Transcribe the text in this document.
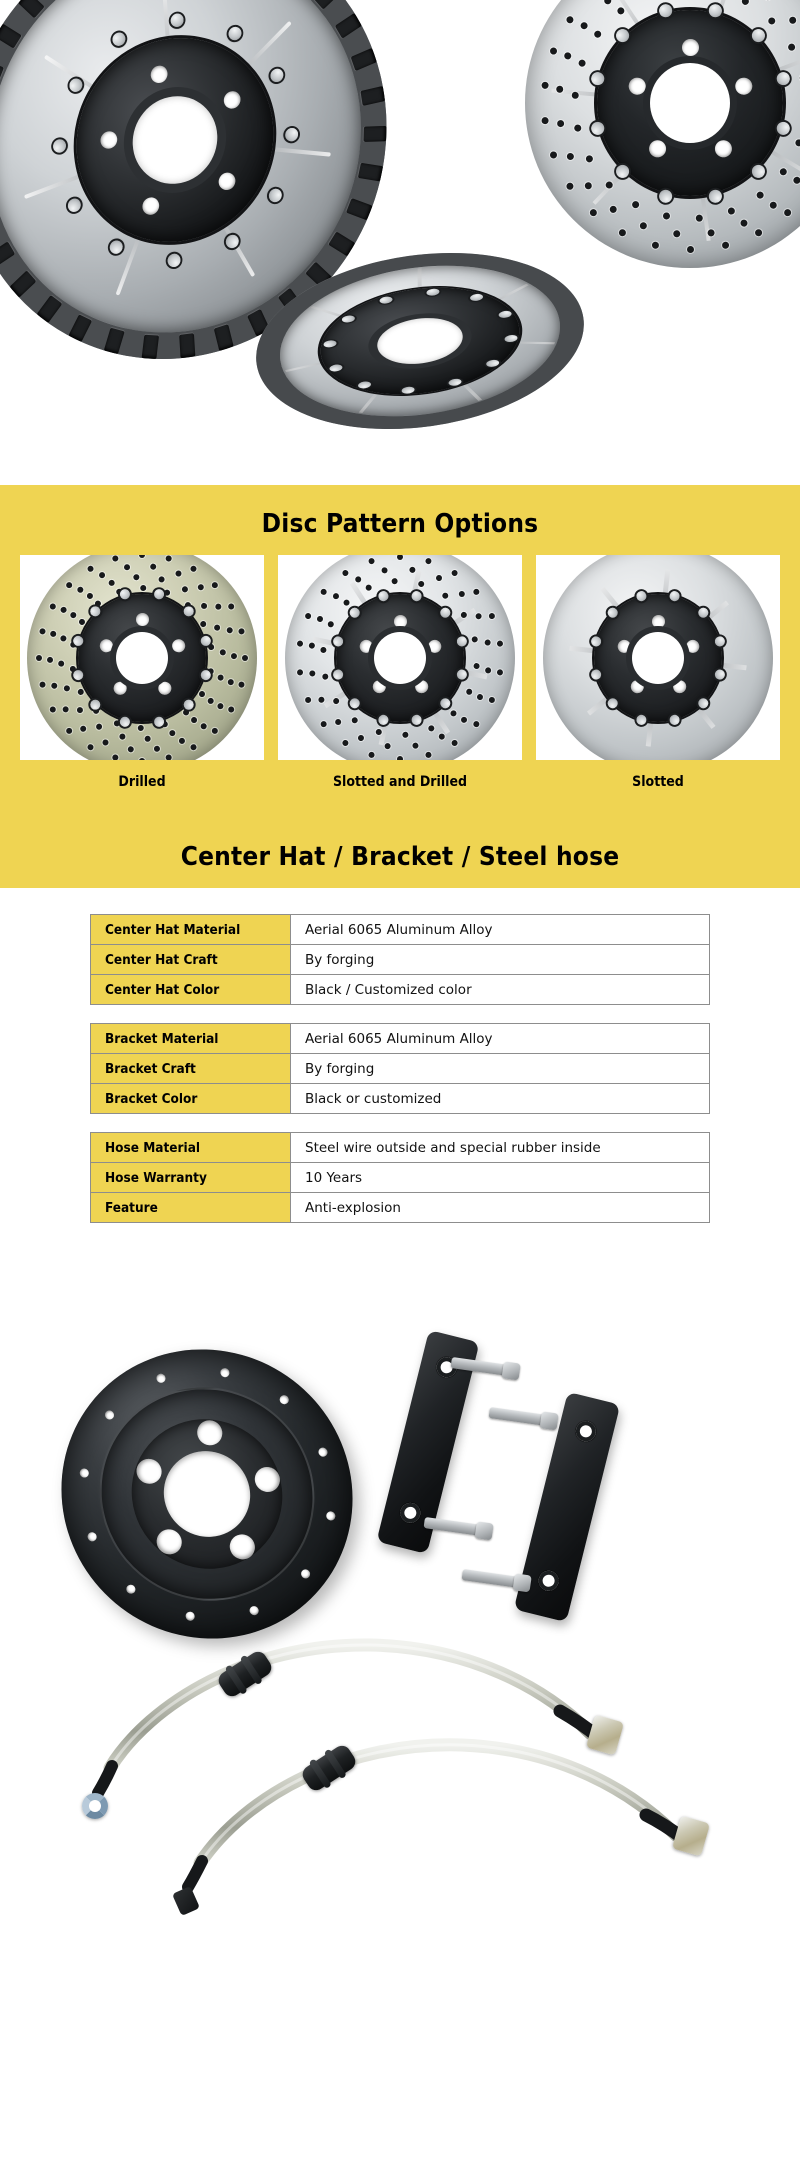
Disc Pattern Options
Drilled	Slotted and Drilled	Slotted
Center Hat / Bracket / Steel hose
Center Hat Material	Aerial 6065 Aluminum Alloy
Center Hat Craft	By forging
Center Hat Color	Black / Customized color
Bracket Material	Aerial 6065 Aluminum Alloy
Bracket Craft	By forging
Bracket Color	Black or customized
Hose Material	Steel wire outside and special rubber inside
Hose Warranty	10 Years
Feature	Anti-explosion
